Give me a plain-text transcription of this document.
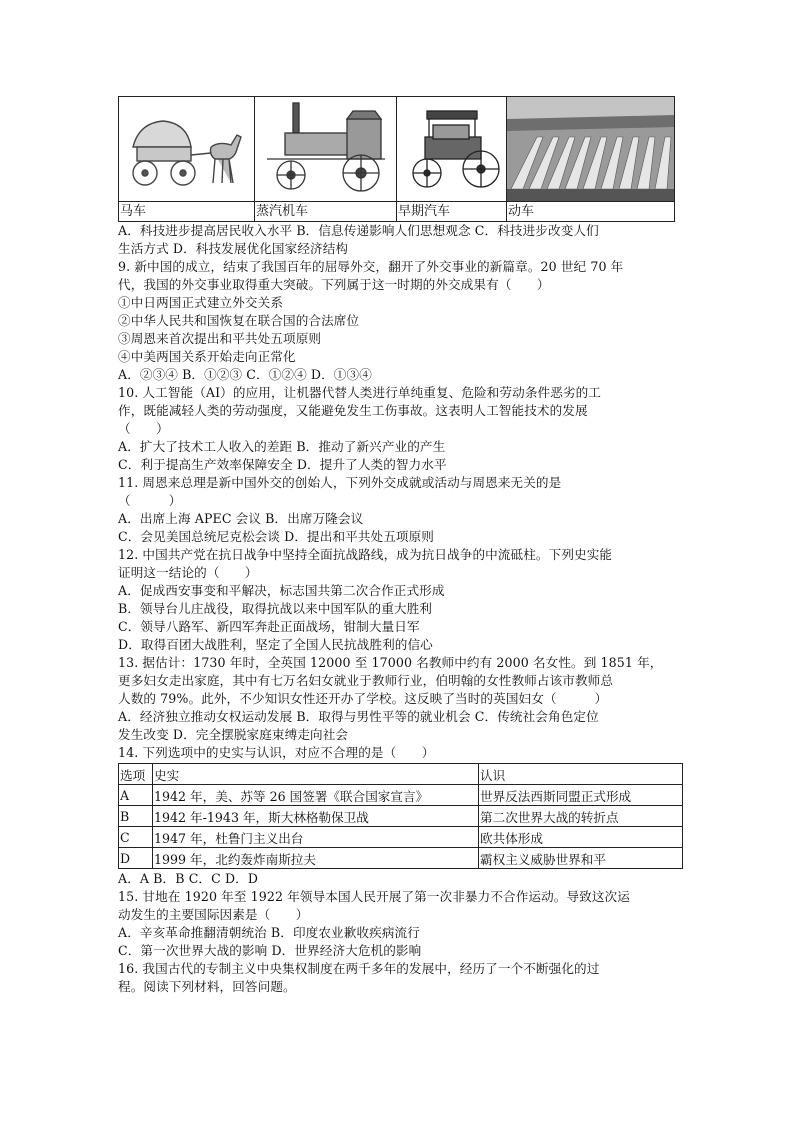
马车	蒸汽机车	早期汽车	动车
A．科技进步提高居民收入水平 B．信息传递影响人们思想观念 C．科技进步改变人们
生活方式 D．科技发展优化国家经济结构
9. 新中国的成立，结束了我国百年的屈辱外交，翻开了外交事业的新篇章。20 世纪 70 年
代，我国的外交事业取得重大突破。下列属于这一时期的外交成果有（　　）
①中日两国正式建立外交关系
②中华人民共和国恢复在联合国的合法席位
③周恩来首次提出和平共处五项原则
④中美两国关系开始走向正常化
A．②③④ B．①②③ C．①②④ D．①③④
10. 人工智能（AI）的应用，让机器代替人类进行单纯重复、危险和劳动条件恶劣的工
作，既能减轻人类的劳动强度，又能避免发生工伤事故。这表明人工智能技术的发展
（　　）
A．扩大了技术工人收入的差距 B．推动了新兴产业的产生
C．利于提高生产效率保障安全 D．提升了人类的智力水平
11. 周恩来总理是新中国外交的创始人，下列外交成就或活动与周恩来无关的是
（　　　）
A．出席上海 APEC 会议 B．出席万隆会议
C．会见美国总统尼克松会谈 D．提出和平共处五项原则
12. 中国共产党在抗日战争中坚持全面抗战路线，成为抗日战争的中流砥柱。下列史实能
证明这一结论的（　　）
A．促成西安事变和平解决，标志国共第二次合作正式形成
B．领导台儿庄战役，取得抗战以来中国军队的重大胜利
C．领导八路军、新四军奔赴正面战场，钳制大量日军
D．取得百团大战胜利，坚定了全国人民抗战胜利的信心
13. 据估计：1730 年时，全英国 12000 至 17000 名教师中约有 2000 名女性。到 1851 年，
更多妇女走出家庭，其中有七万名妇女就业于教师行业，伯明翰的女性教师占该市教师总
人数的 79%。此外，不少知识女性还开办了学校。这反映了当时的英国妇女（　　　）
A．经济独立推动女权运动发展 B．取得与男性平等的就业机会 C．传统社会角色定位
发生改变 D．完全摆脱家庭束缚走向社会
14. 下列选项中的史实与认识，对应不合理的是（　　）
选项	史实	认识
A	1942 年，美、苏等 26 国签署《联合国家宣言》	世界反法西斯同盟正式形成
B	1942 年-1943 年，斯大林格勒保卫战	第二次世界大战的转折点
C	1947 年，杜鲁门主义出台	欧共体形成
D	1999 年，北约轰炸南斯拉夫	霸权主义威胁世界和平
A．A B．B C．C D．D
15. 甘地在 1920 年至 1922 年领导本国人民开展了第一次非暴力不合作运动。导致这次运
动发生的主要国际因素是（　　）
A．辛亥革命推翻清朝统治 B．印度农业歉收疾病流行
C．第一次世界大战的影响 D．世界经济大危机的影响
16. 我国古代的专制主义中央集权制度在两千多年的发展中，经历了一个不断强化的过
程。阅读下列材料，回答问题。
